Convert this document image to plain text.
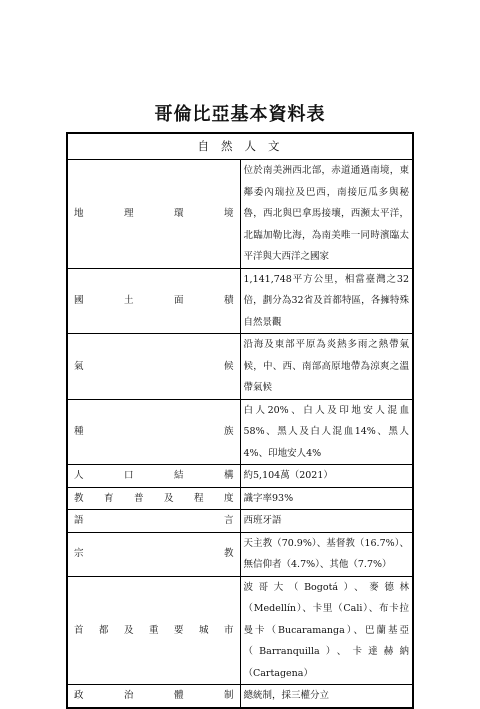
哥倫比亞基本資料表
自然人文	
地理環境	位於南美洲西北部，赤道通過南境，東鄰委內瑞拉及巴西，南接厄瓜多與秘魯，西北與巴拿馬接壤，西瀕太平洋，北臨加勒比海，為南美唯一同時濱臨太平洋與大西洋之國家
國土面積	1,141,748平方公里，相當臺灣之32倍，劃分為32省及首都特區，各擁特殊自然景觀
氣候	沿海及東部平原為炎熱多雨之熱帶氣候，中、西、南部高原地帶為涼爽之溫帶氣候
種族	白人20%、白人及印地安人混血58%、黑人及白人混血14%、黑人4%、印地安人4%
人口結構	約5,104萬（2021）
教育普及程度	識字率93%
語言	西班牙語
宗教	天主教（70.9%）、基督教（16.7%）、無信仰者（4.7%）、其他（7.7%）
首都及重要城市	波哥大（Bogotá）、麥德林（Medellín）、卡里（Cali）、布卡拉曼卡（Bucaramanga）、巴蘭基亞（Barranquilla）、卡達赫納（Cartagena）
政治體制	總統制，採三權分立
